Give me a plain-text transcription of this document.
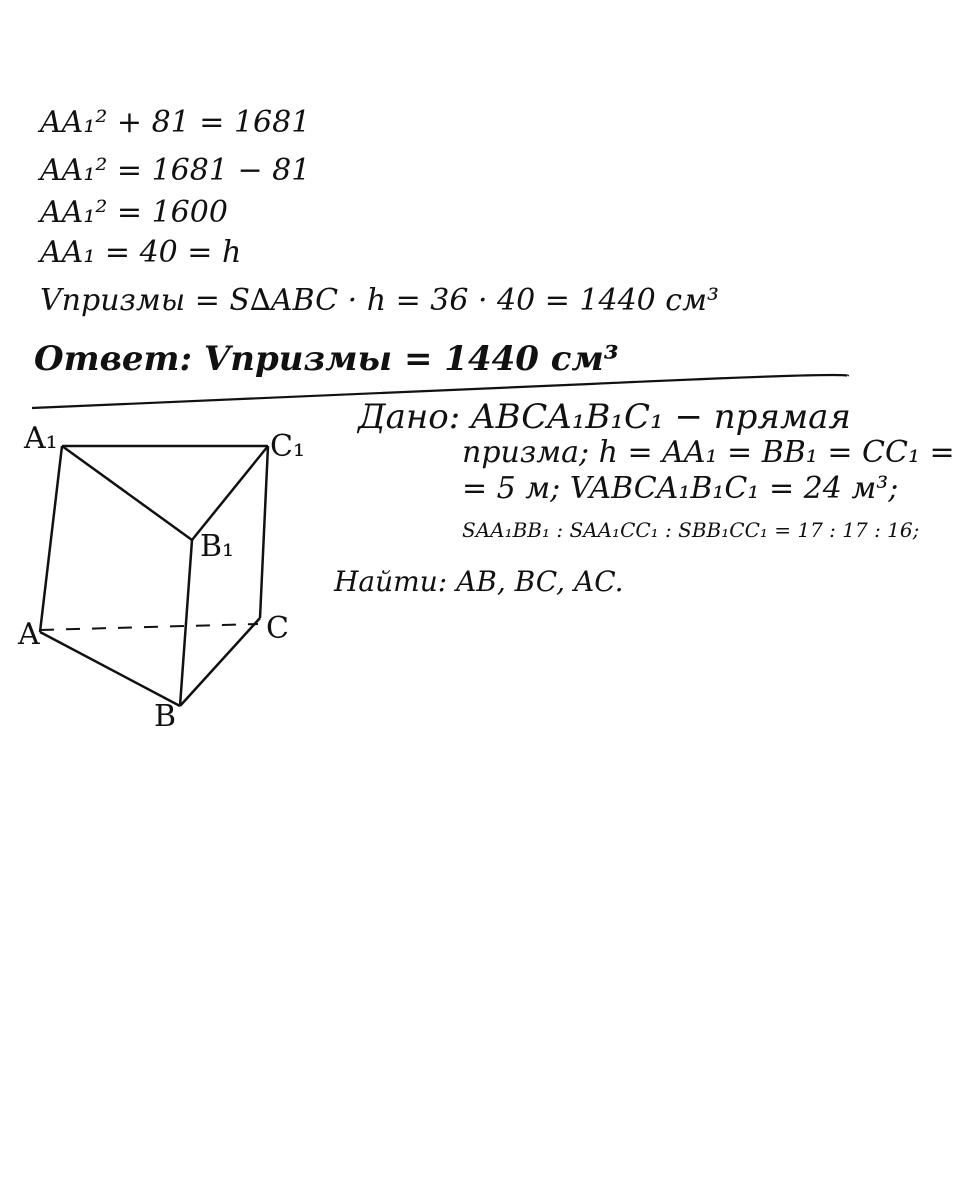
AA₁² + 81 = 1681
AA₁² = 1681 − 81
AA₁² = 1600
AA₁ = 40 = h
Vпризмы = S∆ABC · h = 36 · 40 = 1440 см³
Ответ: Vпризмы = 1440 см³
Дано: ABCA₁B₁C₁ − прямая
призма; h = AA₁ = BB₁ = CC₁ =
= 5 м; VABCA₁B₁C₁ = 24 м³;
SAA₁BB₁ : SAA₁CC₁ : SBB₁CC₁ = 17 : 17 : 16;
Найти: AB, BC, AC.
A₁	C₁
B₁
A	C
B
